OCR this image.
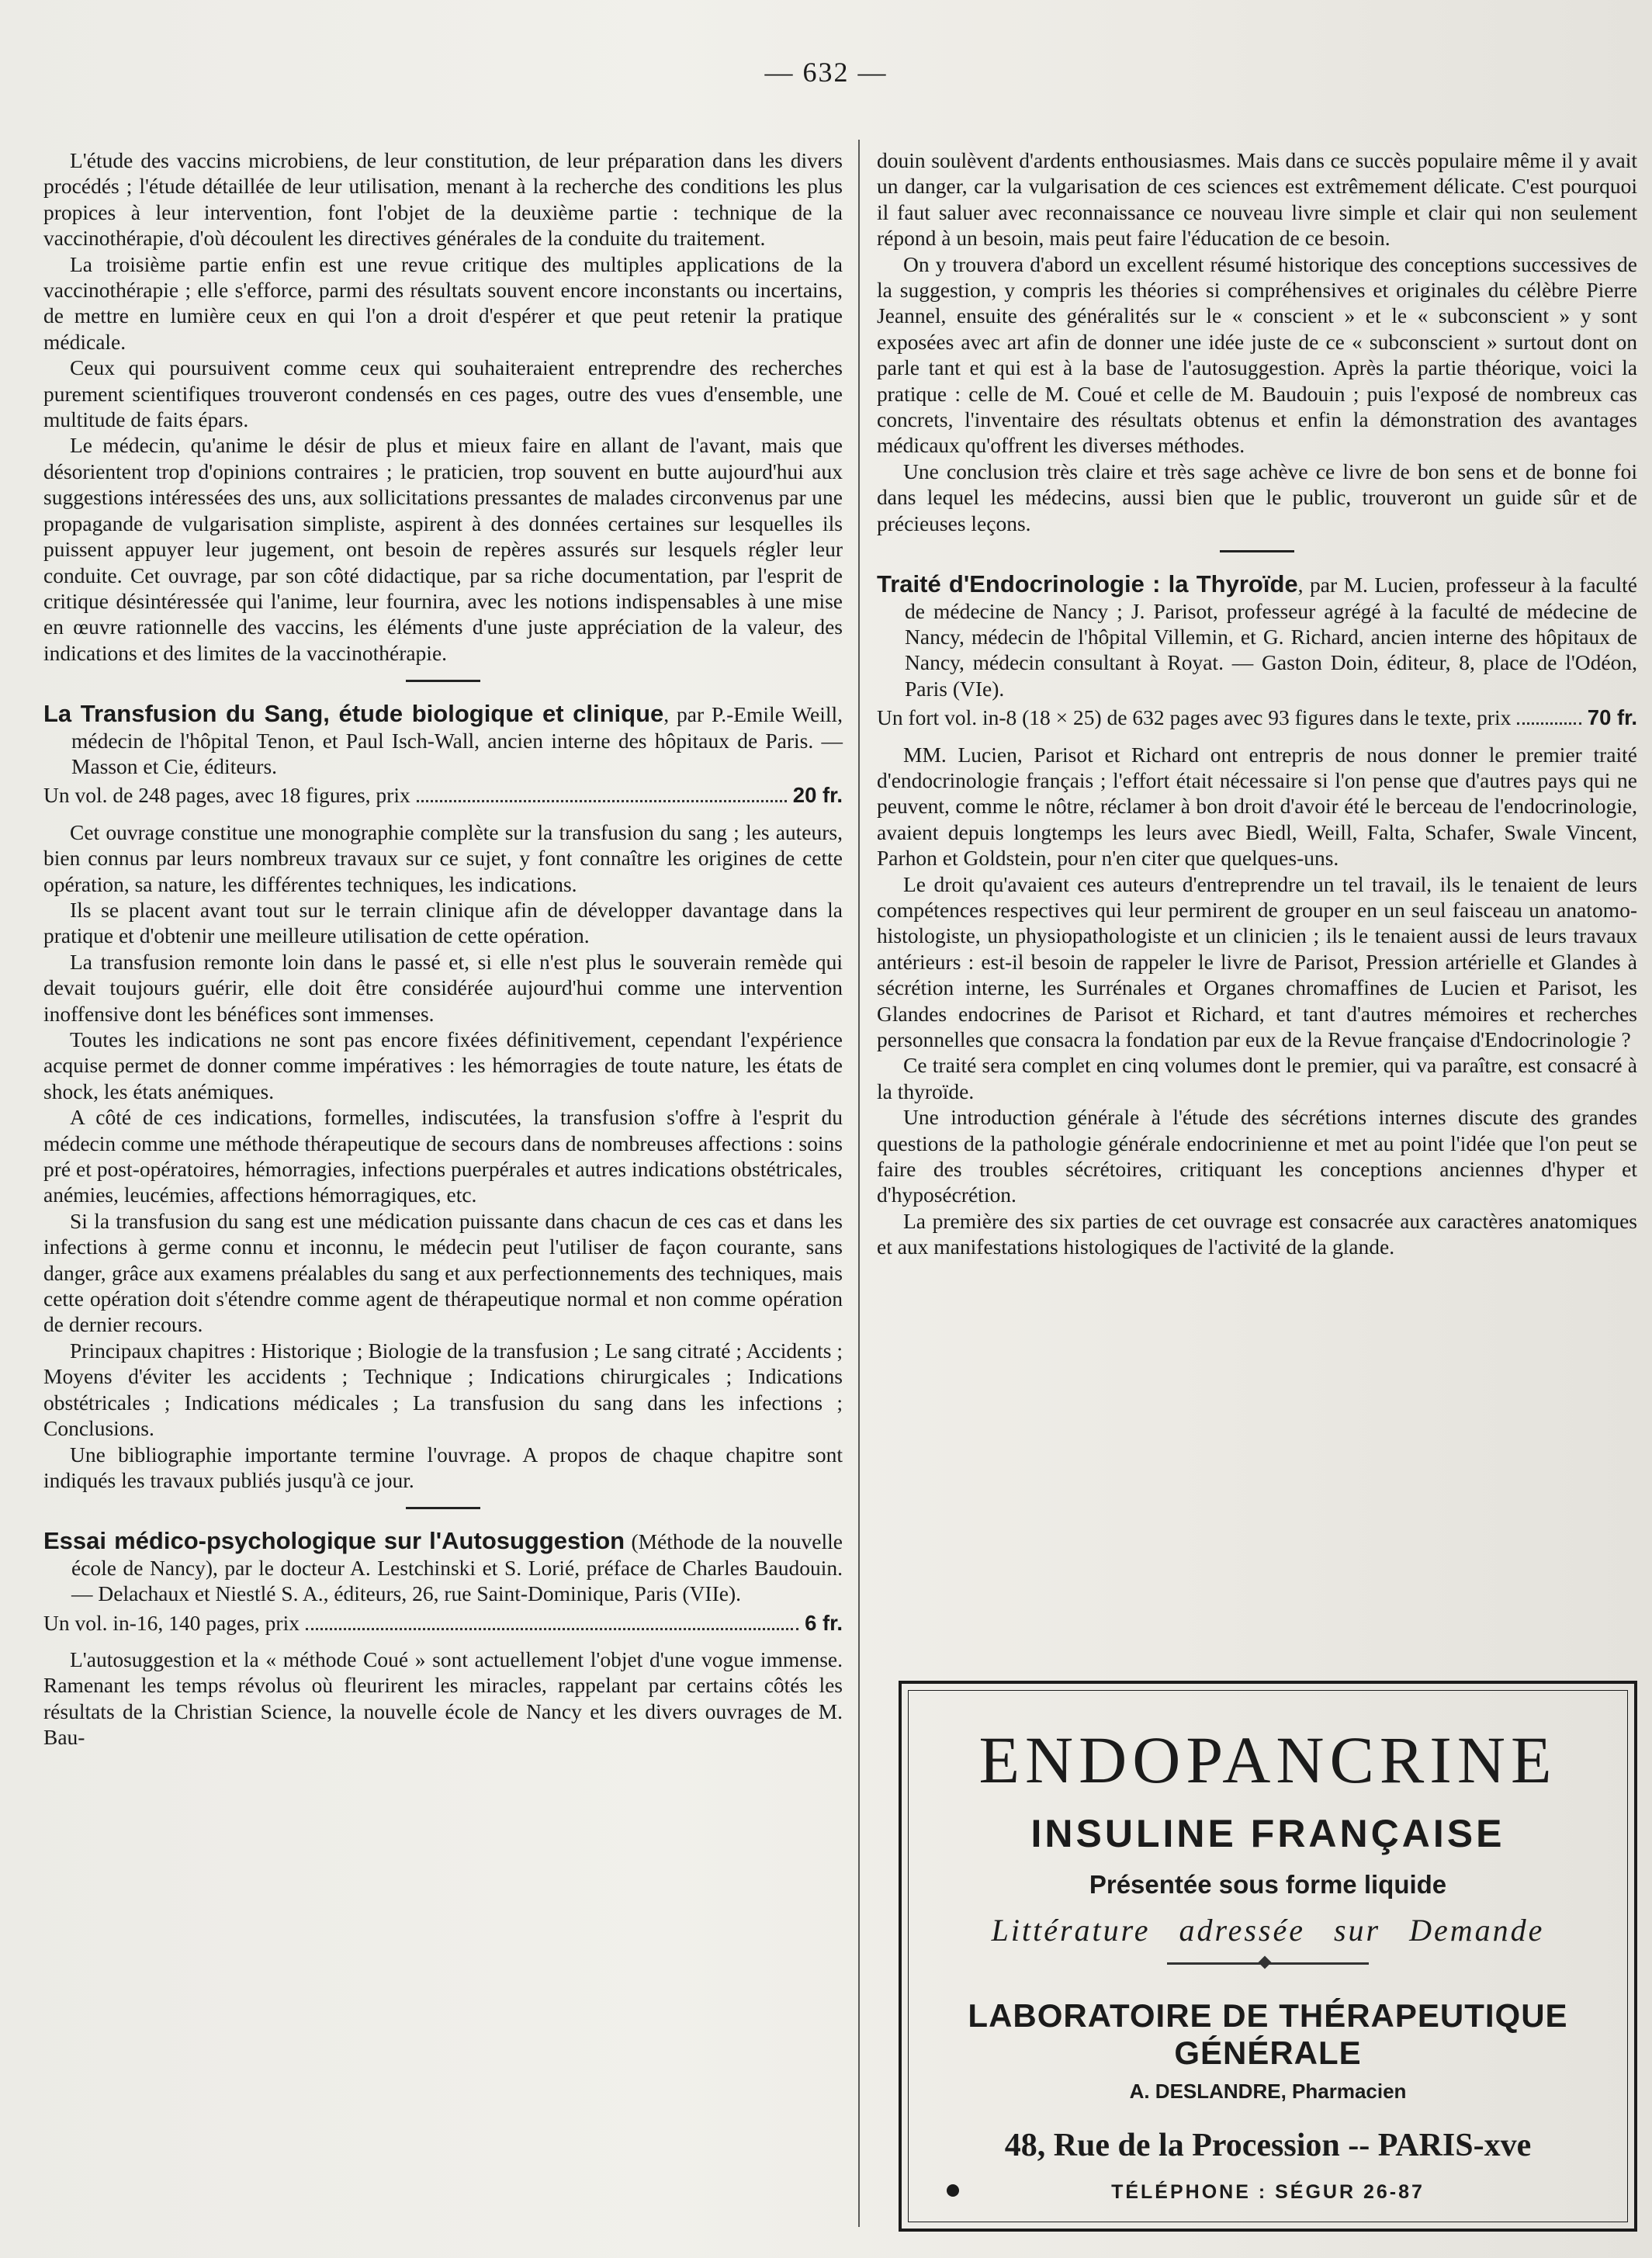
— 632 —

L'étude des vaccins microbiens, de leur constitution, de leur préparation dans les divers procédés ; l'étude détaillée de leur utilisation, menant à la recherche des conditions les plus propices à leur intervention, font l'objet de la deuxième partie : technique de la vaccinothérapie, d'où découlent les directives générales de la conduite du traitement.

La troisième partie enfin est une revue critique des multiples applications de la vaccinothérapie ; elle s'efforce, parmi des résultats souvent encore inconstants ou incertains, de mettre en lumière ceux en qui l'on a droit d'espérer et que peut retenir la pratique médicale.

Ceux qui poursuivent comme ceux qui souhaiteraient entreprendre des recherches purement scientifiques trouveront condensés en ces pages, outre des vues d'ensemble, une multitude de faits épars.

Le médecin, qu'anime le désir de plus et mieux faire en allant de l'avant, mais que désorientent trop d'opinions contraires ; le praticien, trop souvent en butte aujourd'hui aux suggestions intéressées des uns, aux sollicitations pressantes de malades circonvenus par une propagande de vulgarisation simpliste, aspirent à des données certaines sur lesquelles ils puissent appuyer leur jugement, ont besoin de repères assurés sur lesquels régler leur conduite. Cet ouvrage, par son côté didactique, par sa riche documentation, par l'esprit de critique désintéressée qui l'anime, leur fournira, avec les notions indispensables à une mise en œuvre rationnelle des vaccins, les éléments d'une juste appréciation de la valeur, des indications et des limites de la vaccinothérapie.

La Transfusion du Sang, étude biologique et clinique, par P.-Emile Weill, médecin de l'hôpital Tenon, et Paul Isch-Wall, ancien interne des hôpitaux de Paris. — Masson et Cie, éditeurs.

Un vol. de 248 pages, avec 18 figures, prix	20 fr.

Cet ouvrage constitue une monographie complète sur la transfusion du sang ; les auteurs, bien connus par leurs nombreux travaux sur ce sujet, y font connaître les origines de cette opération, sa nature, les différentes techniques, les indications.

Ils se placent avant tout sur le terrain clinique afin de développer davantage dans la pratique et d'obtenir une meilleure utilisation de cette opération.

La transfusion remonte loin dans le passé et, si elle n'est plus le souverain remède qui devait toujours guérir, elle doit être considérée aujourd'hui comme une intervention inoffensive dont les bénéfices sont immenses.

Toutes les indications ne sont pas encore fixées définitivement, cependant l'expérience acquise permet de donner comme impératives : les hémorragies de toute nature, les états de shock, les états anémiques.

A côté de ces indications, formelles, indiscutées, la transfusion s'offre à l'esprit du médecin comme une méthode thérapeutique de secours dans de nombreuses affections : soins pré et post-opératoires, hémorragies, infections puerpérales et autres indications obstétricales, anémies, leucémies, affections hémorragiques, etc.

Si la transfusion du sang est une médication puissante dans chacun de ces cas et dans les infections à germe connu et inconnu, le médecin peut l'utiliser de façon courante, sans danger, grâce aux examens préalables du sang et aux perfectionnements des techniques, mais cette opération doit s'étendre comme agent de thérapeutique normal et non comme opération de dernier recours.

Principaux chapitres : Historique ; Biologie de la transfusion ; Le sang citraté ; Accidents ; Moyens d'éviter les accidents ; Technique ; Indications chirurgicales ; Indications obstétricales ; Indications médicales ; La transfusion du sang dans les infections ; Conclusions.

Une bibliographie importante termine l'ouvrage. A propos de chaque chapitre sont indiqués les travaux publiés jusqu'à ce jour.

Essai médico-psychologique sur l'Autosuggestion (Méthode de la nouvelle école de Nancy), par le docteur A. Lestchinski et S. Lorié, préface de Charles Baudouin. — Delachaux et Niestlé S. A., éditeurs, 26, rue Saint-Dominique, Paris (VIIe).

Un vol. in-16, 140 pages, prix	6 fr.

L'autosuggestion et la « méthode Coué » sont actuellement l'objet d'une vogue immense. Ramenant les temps révolus où fleurirent les miracles, rappelant par certains côtés les résultats de la Christian Science, la nouvelle école de Nancy et les divers ouvrages de M. Bau-

douin soulèvent d'ardents enthousiasmes. Mais dans ce succès populaire même il y avait un danger, car la vulgarisation de ces sciences est extrêmement délicate. C'est pourquoi il faut saluer avec reconnaissance ce nouveau livre simple et clair qui non seulement répond à un besoin, mais peut faire l'éducation de ce besoin.

On y trouvera d'abord un excellent résumé historique des conceptions successives de la suggestion, y compris les théories si compréhensives et originales du célèbre Pierre Jeannel, ensuite des généralités sur le « conscient » et le « subconscient » y sont exposées avec art afin de donner une idée juste de ce « subconscient » surtout dont on parle tant et qui est à la base de l'autosuggestion. Après la partie théorique, voici la pratique : celle de M. Coué et celle de M. Baudouin ; puis l'exposé de nombreux cas concrets, l'inventaire des résultats obtenus et enfin la démonstration des avantages médicaux qu'offrent les diverses méthodes.

Une conclusion très claire et très sage achève ce livre de bon sens et de bonne foi dans lequel les médecins, aussi bien que le public, trouveront un guide sûr et de précieuses leçons.

Traité d'Endocrinologie : la Thyroïde, par M. Lucien, professeur à la faculté de médecine de Nancy ; J. Parisot, professeur agrégé à la faculté de médecine de Nancy, médecin de l'hôpital Villemin, et G. Richard, ancien interne des hôpitaux de Nancy, médecin consultant à Royat. — Gaston Doin, éditeur, 8, place de l'Odéon, Paris (VIe).

Un fort vol. in-8 (18 × 25) de 632 pages avec 93 figures dans le texte, prix	70 fr.

MM. Lucien, Parisot et Richard ont entrepris de nous donner le premier traité d'endocrinologie français ; l'effort était nécessaire si l'on pense que d'autres pays qui ne peuvent, comme le nôtre, réclamer à bon droit d'avoir été le berceau de l'endocrinologie, avaient depuis longtemps les leurs avec Biedl, Weill, Falta, Schafer, Swale Vincent, Parhon et Goldstein, pour n'en citer que quelques-uns.

Le droit qu'avaient ces auteurs d'entreprendre un tel travail, ils le tenaient de leurs compétences respectives qui leur permirent de grouper en un seul faisceau un anatomo-histologiste, un physiopathologiste et un clinicien ; ils le tenaient aussi de leurs travaux antérieurs : est-il besoin de rappeler le livre de Parisot, Pression artérielle et Glandes à sécrétion interne, les Surrénales et Organes chromaffines de Lucien et Parisot, les Glandes endocrines de Parisot et Richard, et tant d'autres mémoires et recherches personnelles que consacra la fondation par eux de la Revue française d'Endocrinologie ?

Ce traité sera complet en cinq volumes dont le premier, qui va paraître, est consacré à la thyroïde.

Une introduction générale à l'étude des sécrétions internes discute des grandes questions de la pathologie générale endocrinienne et met au point l'idée que l'on peut se faire des troubles sécrétoires, critiquant les conceptions anciennes d'hyper et d'hyposécrétion.

La première des six parties de cet ouvrage est consacrée aux caractères anatomiques et aux manifestations histologiques de l'activité de la glande.

ENDOPANCRINE
INSULINE FRANÇAISE
Présentée sous forme liquide
Littérature adressée sur Demande
LABORATOIRE DE THÉRAPEUTIQUE GÉNÉRALE
A. DESLANDRE, Pharmacien
48, Rue de la Procession -- PARIS-xve
TÉLÉPHONE : SÉGUR 26-87
